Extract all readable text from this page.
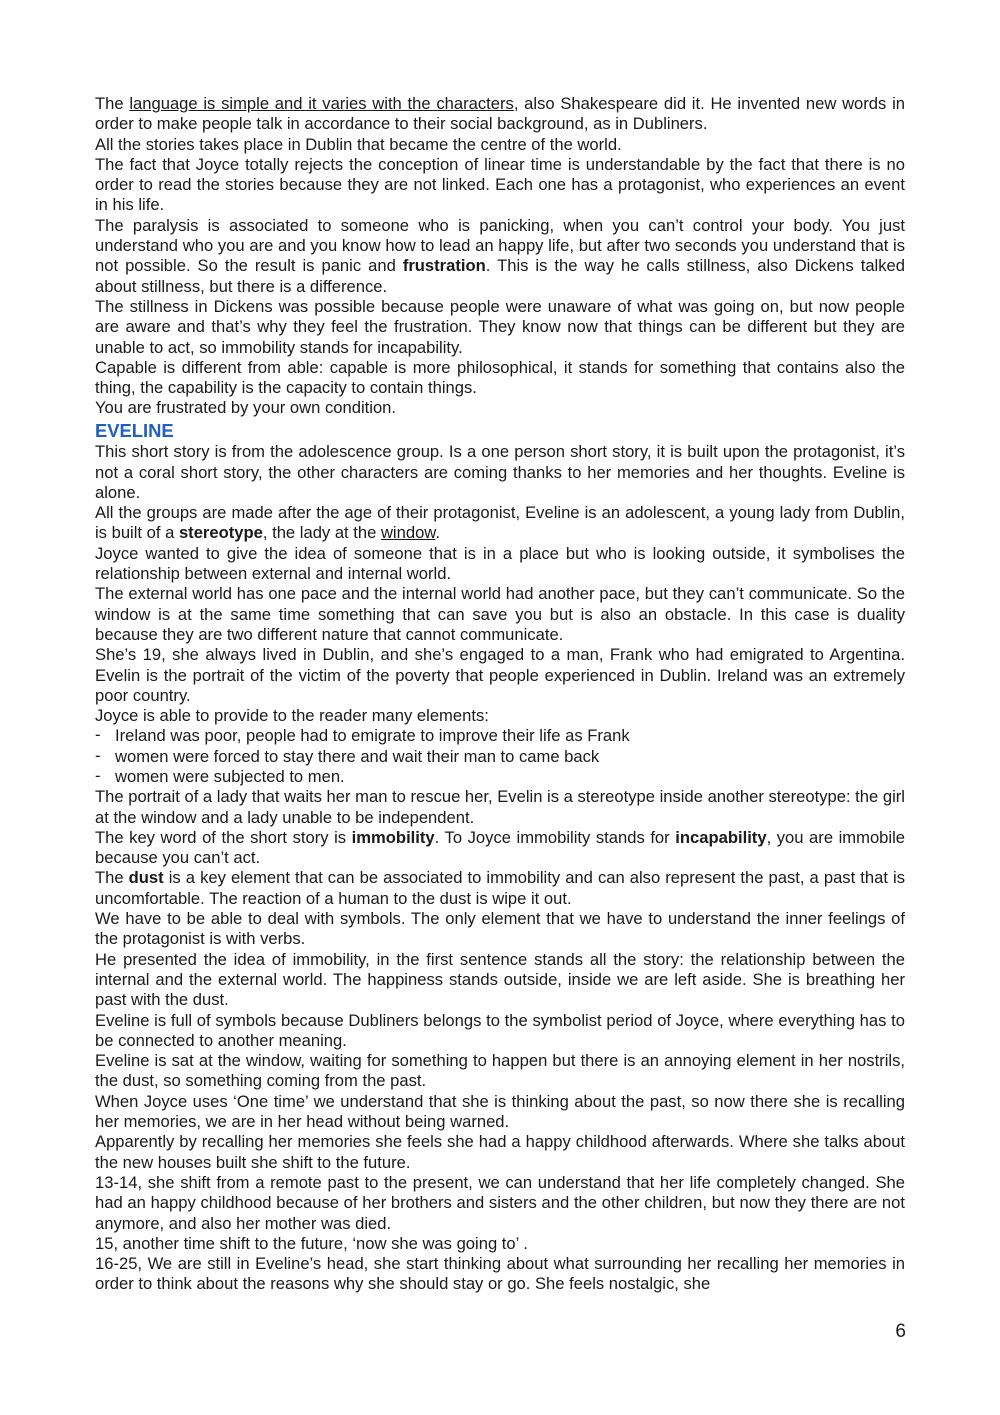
The language is simple and it varies with the characters, also Shakespeare did it. He invented new words in order to make people talk in accordance to their social background, as in Dubliners.

All the stories takes place in Dublin that became the centre of the world.

The fact that Joyce totally rejects the conception of linear time is understandable by the fact that there is no order to read the stories because they are not linked. Each one has a protagonist, who experiences an event in his life.

The paralysis is associated to someone who is panicking, when you can’t control your body. You just understand who you are and you know how to lead an happy life, but after two seconds you understand that is not possible. So the result is panic and frustration. This is the way he calls stillness, also Dickens talked about stillness, but there is a difference.

The stillness in Dickens was possible because people were unaware of what was going on, but now people are aware and that’s why they feel the frustration. They know now that things can be different but they are unable to act, so immobility stands for incapability.

Capable is different from able: capable is more philosophical, it stands for something that contains also the thing, the capability is the capacity to contain things.

You are frustrated by your own condition.

EVELINE

This short story is from the adolescence group. Is a one person short story, it is built upon the protagonist, it’s not a coral short story, the other characters are coming thanks to her memories and her thoughts. Eveline is alone.

All the groups are made after the age of their protagonist, Eveline is an adolescent, a young lady from Dublin, is built of a stereotype, the lady at the window.

Joyce wanted to give the idea of someone that is in a place but who is looking outside, it symbolises the relationship between external and internal world.

The external world has one pace and the internal world had another pace, but they can’t communicate. So the window is at the same time something that can save you but is also an obstacle. In this case is duality because they are two different nature that cannot communicate.

She’s 19, she always lived in Dublin, and she’s engaged to a man, Frank who had emigrated to Argentina. Evelin is the portrait of the victim of the poverty that people experienced in Dublin. Ireland was an extremely poor country.

Joyce is able to provide to the reader many elements:

- Ireland was poor, people had to emigrate to improve their life as Frank
- women were forced to stay there and wait their man to came back
- women were subjected to men.

The portrait of a lady that waits her man to rescue her, Evelin is a stereotype inside another stereotype: the girl at the window and a lady unable to be independent.

The key word of the short story is immobility. To Joyce immobility stands for incapability, you are immobile because you can’t act.

The dust is a key element that can be associated to immobility and can also represent the past, a past that is uncomfortable. The reaction of a human to the dust is wipe it out.

We have to be able to deal with symbols. The only element that we have to understand the inner feelings of the protagonist is with verbs.

He presented the idea of immobility, in the first sentence stands all the story: the relationship between the internal and the external world. The happiness stands outside, inside we are left aside. She is breathing her past with the dust.

Eveline is full of symbols because Dubliners belongs to the symbolist period of Joyce, where everything has to be connected to another meaning.

Eveline is sat at the window, waiting for something to happen but there is an annoying element in her nostrils, the dust, so something coming from the past.

When Joyce uses ‘One time’ we understand that she is thinking about the past, so now there she is recalling her memories, we are in her head without being warned.

Apparently by recalling her memories she feels she had a happy childhood afterwards. Where she talks about the new houses built she shift to the future.

13-14, she shift from a remote past to the present, we can understand that her life completely changed. She had an happy childhood because of her brothers and sisters and the other children, but now they there are not anymore, and also her mother was died.

15, another time shift to the future, ‘now she was going to’ .

16-25, We are still in Eveline’s head, she start thinking about what surrounding her recalling her memories in order to think about the reasons why she should stay or go. She feels nostalgic, she

6
